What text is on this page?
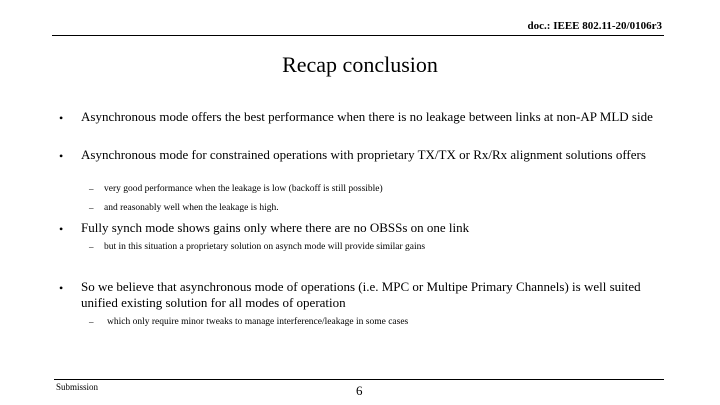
doc.: IEEE 802.11-20/0106r3
Recap conclusion
• Asynchronous mode offers the best performance when there is no leakage between links at non-AP MLD side
• Asynchronous mode for constrained operations with proprietary TX/TX or Rx/Rx alignment solutions offers
– very good performance when the leakage is low (backoff is still possible)
– and reasonably well when the leakage is high.
• Fully synch mode shows gains only where there are no OBSSs on one link
– but in this situation a proprietary solution on asynch mode will provide similar gains
• So we believe that asynchronous mode of operations (i.e. MPC or Multipe Primary Channels) is well suited unified existing solution for all modes of operation
– which only require minor tweaks to manage interference/leakage in some cases
Submission	6
